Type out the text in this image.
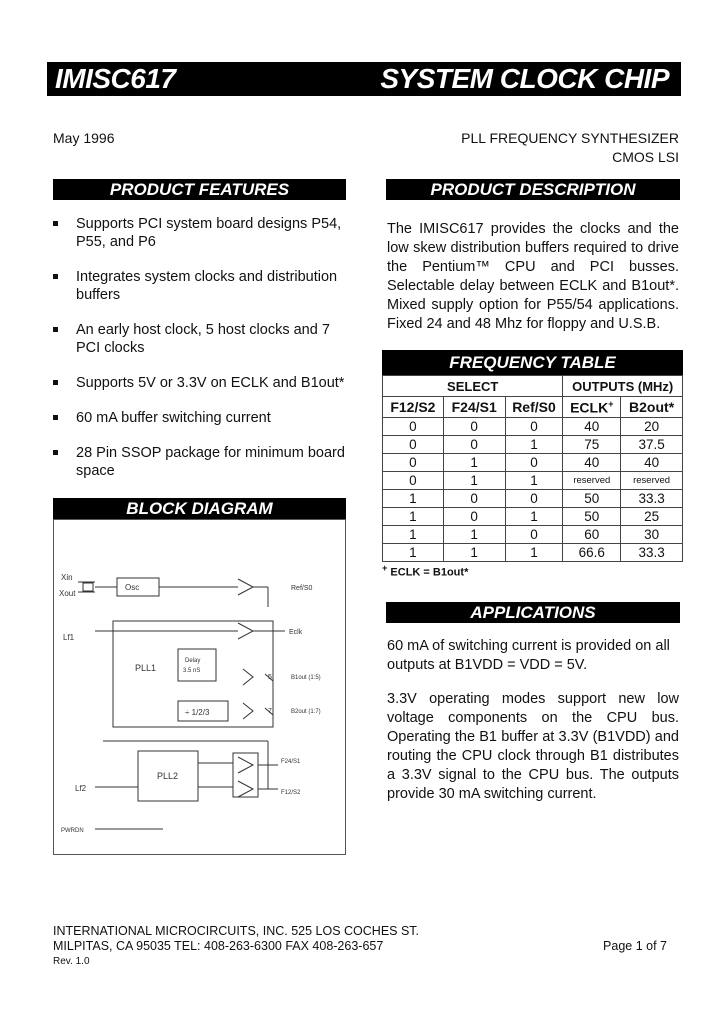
IMISC617	SYSTEM CLOCK CHIP
May 1996	PLL FREQUENCY SYNTHESIZER
CMOS LSI
PRODUCT FEATURES
Supports PCI system board designs P54, P55, and P6
Integrates system clocks and distribution buffers
An early host clock, 5 host clocks and 7 PCI clocks
Supports 5V or 3.3V on ECLK and B1out*
60 mA buffer switching current
28 Pin SSOP package for minimum board space
BLOCK DIAGRAM
Xin
Xout
Osc	Ref/S0
Lf1
Eclk
PLL1
Delay
3.5 nS
B1out (1:5)
÷ 1/2/3	B2out (1:7)
PLL2
Lf2
F24/S1
F12/S2
PWRDN
5
7
PRODUCT DESCRIPTION
The IMISC617 provides the clocks and the low skew distribution buffers required to drive the Pentium™ CPU and PCI busses. Selectable delay between ECLK and B1out*. Mixed supply option for P55/54 applications. Fixed 24 and 48 Mhz for floppy and U.S.B.
FREQUENCY TABLE
SELECT			OUTPUTS (MHz)	
F12/S2	F24/S1	Ref/S0	ECLK+	B2out*
0	0	0	40	20
0	0	1	75	37.5
0	1	0	40	40
0	1	1	reserved	reserved
1	0	0	50	33.3
1	0	1	50	25
1	1	0	60	30
1	1	1	66.6	33.3
+ ECLK = B1out*
APPLICATIONS
60 mA of switching current is provided on all outputs at B1VDD = VDD = 5V.
3.3V operating modes support new low voltage components on the CPU bus. Operating the B1 buffer at 3.3V (B1VDD) and routing the CPU clock through B1 distributes a 3.3V signal to the CPU bus. The outputs provide 30 mA switching current.
INTERNATIONAL MICROCIRCUITS, INC. 525 LOS COCHES ST.
MILPITAS, CA 95035 TEL: 408-263-6300 FAX 408-263-657
Rev. 1.0
Page 1 of 7
